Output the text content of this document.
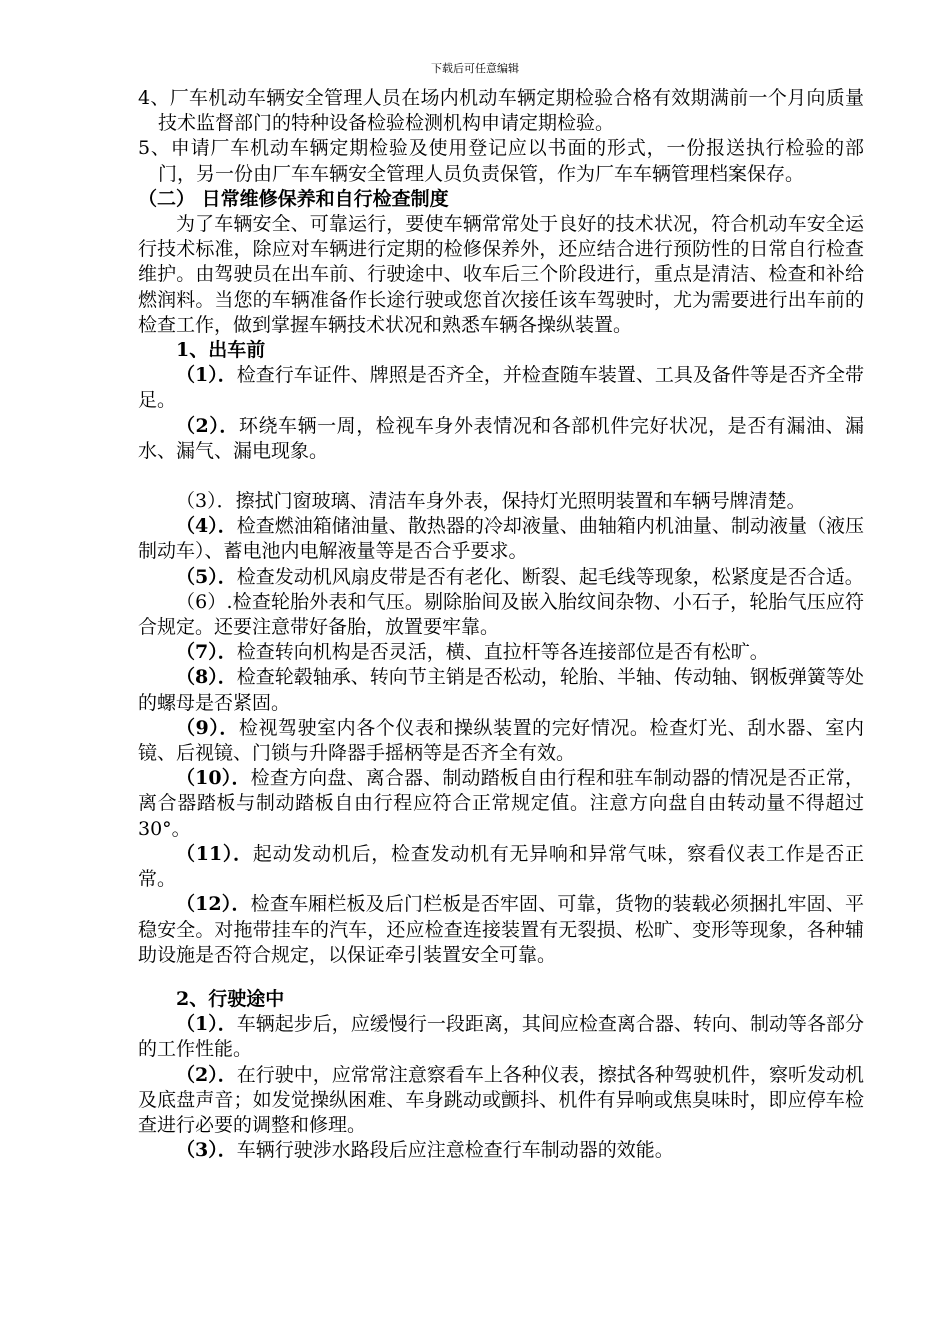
下载后可任意编辑

4、厂车机动车辆安全管理人员在场内机动车辆定期检验合格有效期满前一个月向质量技术监督部门的特种设备检验检测机构申请定期检验。

5、申请厂车机动车辆定期检验及使用登记应以书面的形式，一份报送执行检验的部门，另一份由厂车车辆安全管理人员负责保管，作为厂车车辆管理档案保存。

（二） 日常维修保养和自行检查制度

为了车辆安全、可靠运行，要使车辆常常处于良好的技术状况，符合机动车安全运行技术标准，除应对车辆进行定期的检修保养外，还应结合进行预防性的日常自行检查维护。由驾驶员在出车前、行驶途中、收车后三个阶段进行，重点是清洁、检查和补给燃润料。当您的车辆准备作长途行驶或您首次接任该车驾驶时，尤为需要进行出车前的检查工作，做到掌握车辆技术状况和熟悉车辆各操纵装置。

1、出车前

（1）．检查行车证件、牌照是否齐全，并检查随车装置、工具及备件等是否齐全带足。

（2）．环绕车辆一周，检视车身外表情况和各部机件完好状况，是否有漏油、漏水、漏气、漏电现象。

（3）．擦拭门窗玻璃、清洁车身外表，保持灯光照明装置和车辆号牌清楚。

（4）．检查燃油箱储油量、散热器的冷却液量、曲轴箱内机油量、制动液量（液压制动车）、蓄电池内电解液量等是否合乎要求。

（5）．检查发动机风扇皮带是否有老化、断裂、起毛线等现象，松紧度是否合适。

（6）.检查轮胎外表和气压。剔除胎间及嵌入胎纹间杂物、小石子，轮胎气压应符合规定。还要注意带好备胎，放置要牢靠。

（7）．检查转向机构是否灵活，横、直拉杆等各连接部位是否有松旷。

（8）．检查轮毂轴承、转向节主销是否松动，轮胎、半轴、传动轴、钢板弹簧等处的螺母是否紧固。

（9）．检视驾驶室内各个仪表和操纵装置的完好情况。检查灯光、刮水器、室内镜、后视镜、门锁与升降器手摇柄等是否齐全有效。

（10）．检查方向盘、离合器、制动踏板自由行程和驻车制动器的情况是否正常，离合器踏板与制动踏板自由行程应符合正常规定值。注意方向盘自由转动量不得超过30°。

（11）．起动发动机后，检查发动机有无异响和异常气味，察看仪表工作是否正常。

（12）．检查车厢栏板及后门栏板是否牢固、可靠，货物的装载必须捆扎牢固、平稳安全。对拖带挂车的汽车，还应检查连接装置有无裂损、松旷、变形等现象，各种辅助设施是否符合规定，以保证牵引装置安全可靠。

2、行驶途中

（1）．车辆起步后，应缓慢行一段距离，其间应检查离合器、转向、制动等各部分的工作性能。

（2）．在行驶中，应常常注意察看车上各种仪表，擦拭各种驾驶机件，察听发动机及底盘声音；如发觉操纵困难、车身跳动或颤抖、机件有异响或焦臭味时，即应停车检查进行必要的调整和修理。

（3）．车辆行驶涉水路段后应注意检查行车制动器的效能。
